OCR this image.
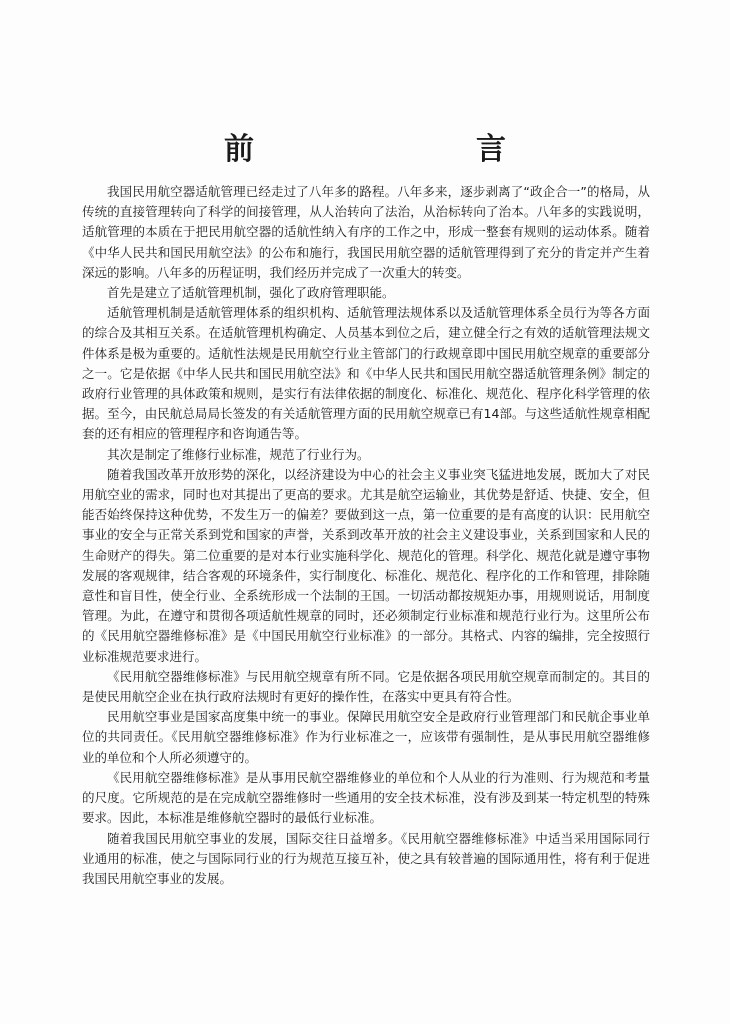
前　言

我国民用航空器适航管理已经走过了八年多的路程。八年多来，逐步剥离了“政企合一”的格局，从传统的直接管理转向了科学的间接管理，从人治转向了法治，从治标转向了治本。八年多的实践说明，适航管理的本质在于把民用航空器的适航性纳入有序的工作之中，形成一整套有规则的运动体系。随着《中华人民共和国民用航空法》的公布和施行，我国民用航空器的适航管理得到了充分的肯定并产生着深远的影响。八年多的历程证明，我们经历并完成了一次重大的转变。

首先是建立了适航管理机制，强化了政府管理职能。

适航管理机制是适航管理体系的组织机构、适航管理法规体系以及适航管理体系全员行为等各方面的综合及其相互关系。在适航管理机构确定、人员基本到位之后，建立健全行之有效的适航管理法规文件体系是极为重要的。适航性法规是民用航空行业主管部门的行政规章即中国民用航空规章的重要部分之一。它是依据《中华人民共和国民用航空法》和《中华人民共和国民用航空器适航管理条例》制定的政府行业管理的具体政策和规则，是实行有法律依据的制度化、标准化、规范化、程序化科学管理的依据。至今，由民航总局局长签发的有关适航管理方面的民用航空规章已有14部。与这些适航性规章相配套的还有相应的管理程序和咨询通告等。

其次是制定了维修行业标准，规范了行业行为。

随着我国改革开放形势的深化，以经济建设为中心的社会主义事业突飞猛进地发展，既加大了对民用航空业的需求，同时也对其提出了更高的要求。尤其是航空运输业，其优势是舒适、快捷、安全，但能否始终保持这种优势，不发生万一的偏差？要做到这一点，第一位重要的是有高度的认识：民用航空事业的安全与正常关系到党和国家的声誉，关系到改革开放的社会主义建设事业，关系到国家和人民的生命财产的得失。第二位重要的是对本行业实施科学化、规范化的管理。科学化、规范化就是遵守事物发展的客观规律，结合客观的环境条件，实行制度化、标准化、规范化、程序化的工作和管理，排除随意性和盲目性，使全行业、全系统形成一个法制的王国。一切活动都按规矩办事，用规则说话，用制度管理。为此，在遵守和贯彻各项适航性规章的同时，还必须制定行业标准和规范行业行为。这里所公布的《民用航空器维修标准》是《中国民用航空行业标准》的一部分。其格式、内容的编排，完全按照行业标准规范要求进行。

《民用航空器维修标准》与民用航空规章有所不同。它是依据各项民用航空规章而制定的。其目的是使民用航空企业在执行政府法规时有更好的操作性，在落实中更具有符合性。

民用航空事业是国家高度集中统一的事业。保障民用航空安全是政府行业管理部门和民航企事业单位的共同责任。《民用航空器维修标准》作为行业标准之一，应该带有强制性，是从事民用航空器维修业的单位和个人所必须遵守的。

《民用航空器维修标准》是从事用民航空器维修业的单位和个人从业的行为准则、行为规范和考量的尺度。它所规范的是在完成航空器维修时一些通用的安全技术标准，没有涉及到某一特定机型的特殊要求。因此，本标准是维修航空器时的最低行业标准。

随着我国民用航空事业的发展，国际交往日益增多。《民用航空器维修标准》中适当采用国际同行业通用的标准，使之与国际同行业的行为规范互接互补，使之具有较普遍的国际通用性，将有利于促进我国民用航空事业的发展。
